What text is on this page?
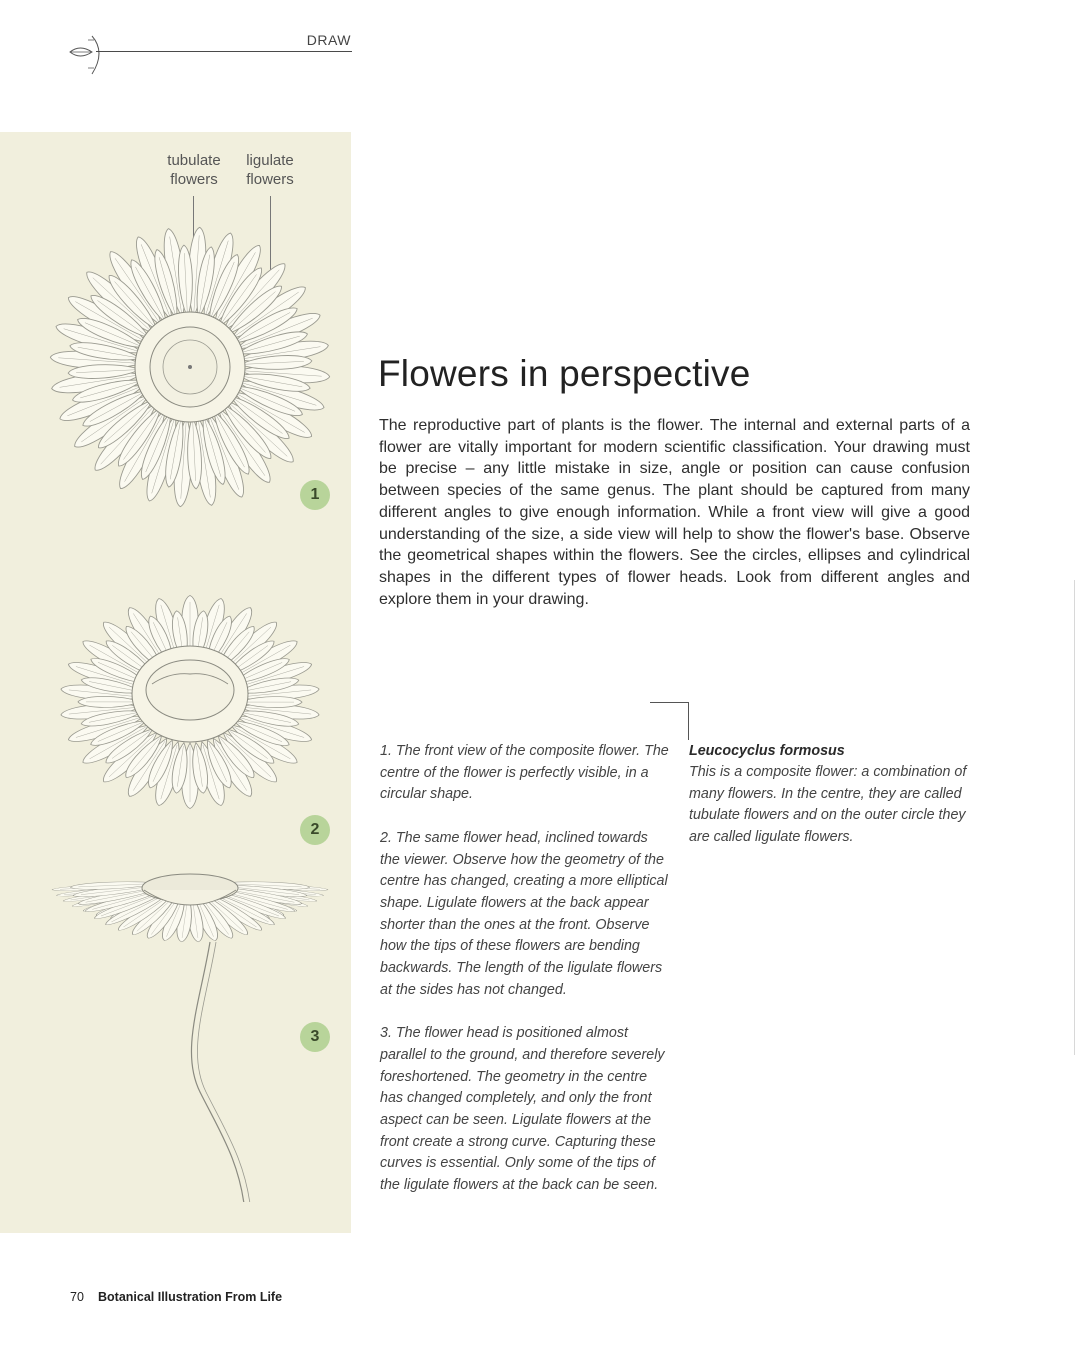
DRAW
tubulate flowers
ligulate flowers
1
2
3
Flowers in perspective

The reproductive part of plants is the flower. The internal and external parts of a flower are vitally important for modern scientific classification. Your drawing must be precise – any little mistake in size, angle or position can cause confusion between species of the same genus. The plant should be captured from many different angles to give enough information. While a front view will give a good understanding of the size, a side view will help to show the flower's base. Observe the geometrical shapes within the flowers. See the circles, ellipses and cylindrical shapes in the different types of flower heads. Look from different angles and explore them in your drawing.

1. The front view of the composite flower. The centre of the flower is perfectly visible, in a circular shape.

2. The same flower head, inclined towards the viewer. Observe how the geometry of the centre has changed, creating a more elliptical shape. Ligulate flowers at the back appear shorter than the ones at the front. Observe how the tips of these flowers are bending backwards. The length of the ligulate flowers at the sides has not changed.

3. The flower head is positioned almost parallel to the ground, and therefore severely foreshortened. The geometry in the centre has changed completely, and only the front aspect can be seen. Ligulate flowers at the front create a strong curve. Capturing these curves is essential. Only some of the tips of the ligulate flowers at the back can be seen.

Leucocyclus formosus
This is a composite flower: a combination of many flowers. In the centre, they are called tubulate flowers and on the outer circle they are called ligulate flowers.
70 Botanical Illustration From Life
